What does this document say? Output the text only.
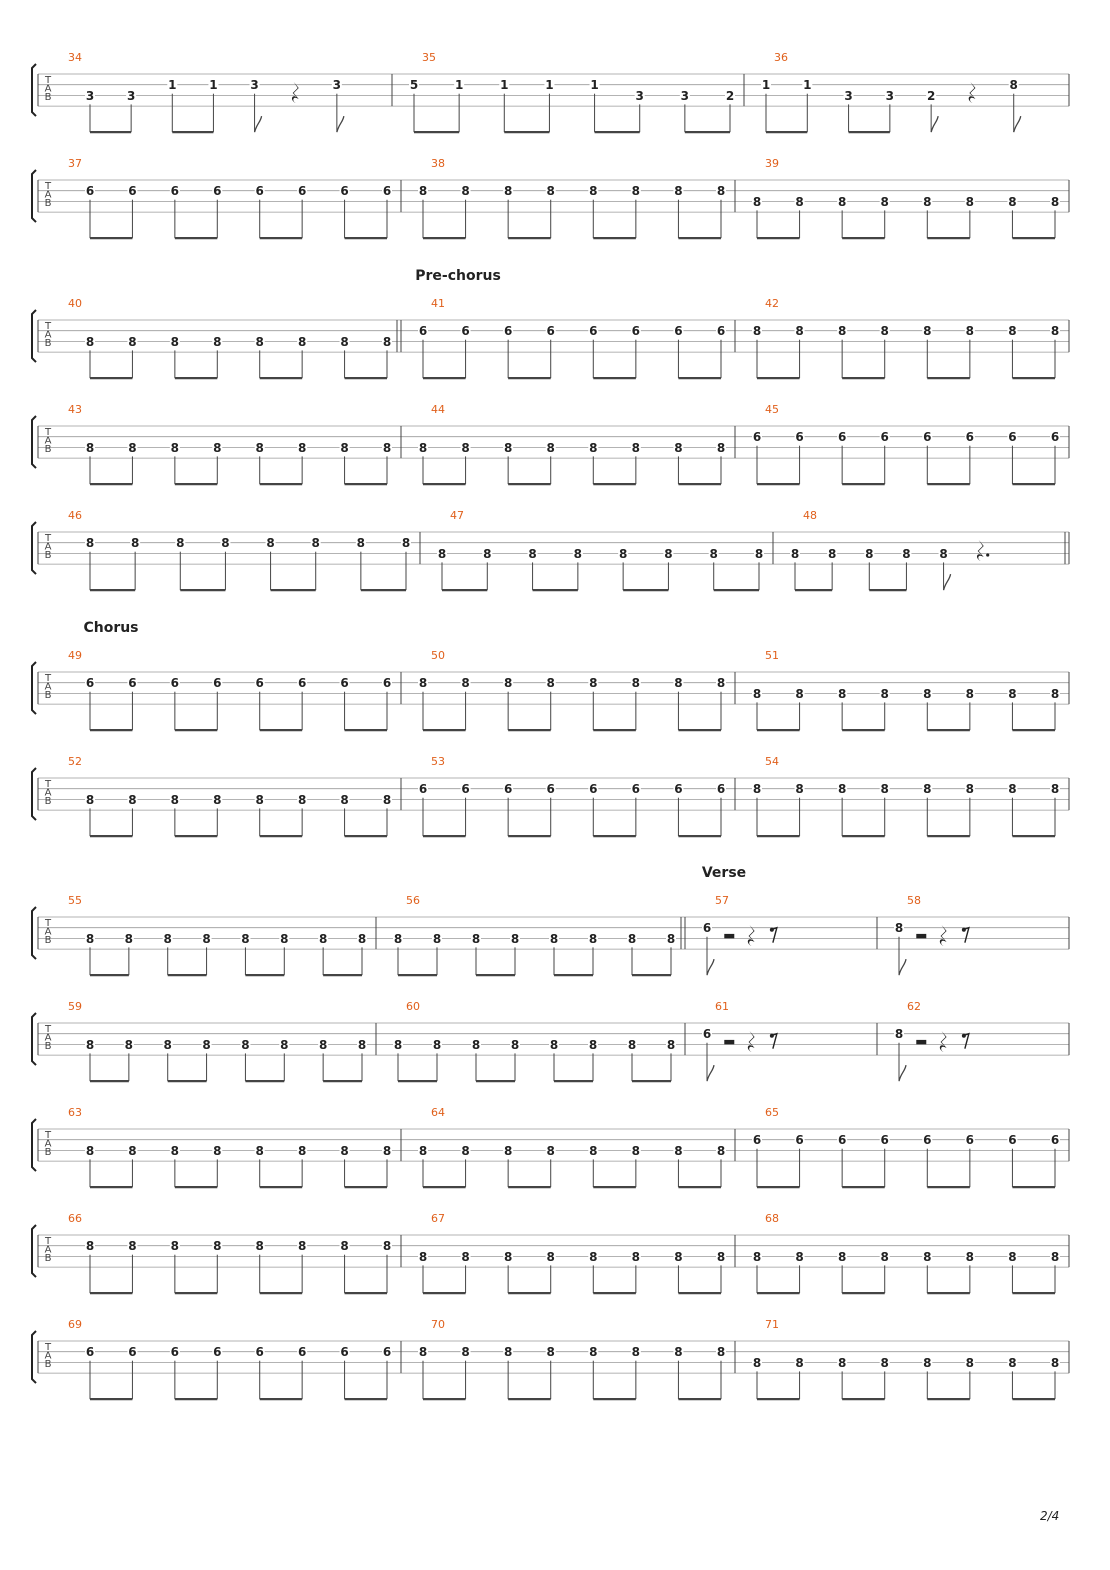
T
A
B
34
3	3
1	1	3	3
35
5	1	1	1	1
3	3	2
36
1	1
3	3	2
8
T
A
B
37
6	6	6	6	6	6	6	6
38
8	8	8	8	8	8	8	8
39
8	8	8	8	8	8	8	8
Pre-chorus
T
A
B
40
8	8	8	8	8	8	8	8
41
6	6	6	6	6	6	6	6
42
8	8	8	8	8	8	8	8
T
A
B
43
8	8	8	8	8	8	8	8
44
8	8	8	8	8	8	8	8
45
6	6	6	6	6	6	6	6
T
A
B
46
8	8	8	8	8	8	8	8
47
8	8	8	8	8	8	8	8
48
8 8 8 8 8
Chorus
T
A
B
49
6	6	6	6	6	6	6	6
50
8	8	8	8	8	8	8	8
51
8	8	8	8	8	8	8	8
T
A
B
52
8	8	8	8	8	8	8	8
53
6	6	6	6	6	6	6	6
54
8	8	8	8	8	8	8	8
Verse
T
A
B
55
8	8	8	8	8	8	8	8
56
8	8	8	8	8	8	8	8
57
6
58
8
T
A
B
59
8	8	8	8	8	8	8	8
60
8	8	8	8	8	8	8	8
61
6
62
8
T
A
B
63
8	8	8	8	8	8	8	8
64
8	8	8	8	8	8	8	8
65
6	6	6	6	6	6	6	6
T
A
B
66
8	8	8	8	8	8	8	8
67
8	8	8	8	8	8	8	8
68
8	8	8	8	8	8	8	8
T
A
B
69
6	6	6	6	6	6	6	6
70
8	8	8	8	8	8	8	8
71
8	8	8	8	8	8	8	8
2/4
